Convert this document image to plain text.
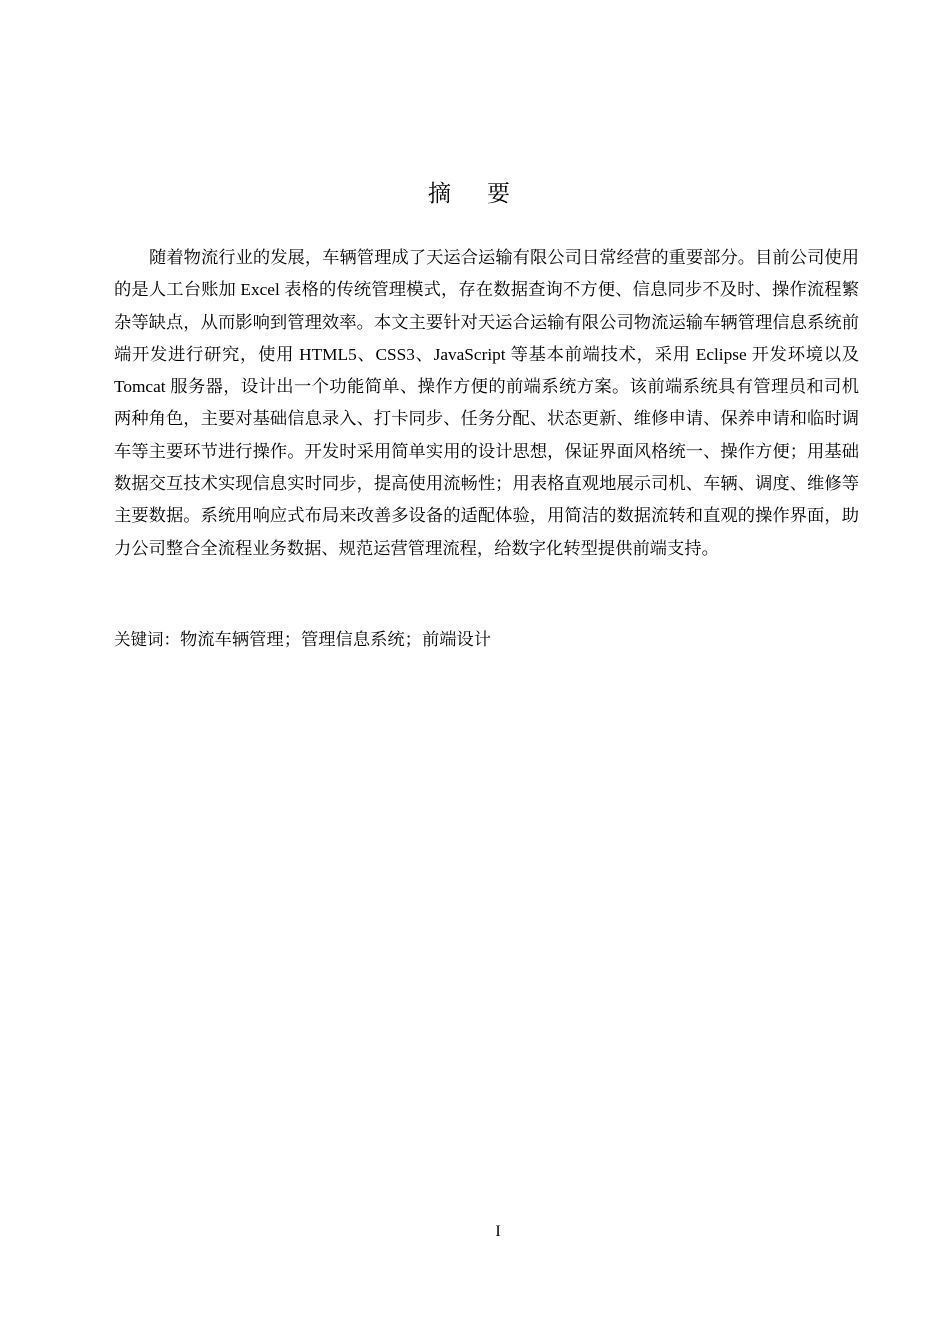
摘要

随着物流行业的发展，车辆管理成了天运合运输有限公司日常经营的重要部分。目前公司使用的是人工台账加 Excel 表格的传统管理模式，存在数据查询不方便、信息同步不及时、操作流程繁杂等缺点，从而影响到管理效率。本文主要针对天运合运输有限公司物流运输车辆管理信息系统前端开发进行研究，使用 HTML5、CSS3、JavaScript 等基本前端技术，采用 Eclipse 开发环境以及 Tomcat 服务器，设计出一个功能简单、操作方便的前端系统方案。该前端系统具有管理员和司机两种角色，主要对基础信息录入、打卡同步、任务分配、状态更新、维修申请、保养申请和临时调车等主要环节进行操作。开发时采用简单实用的设计思想，保证界面风格统一、操作方便；用基础数据交互技术实现信息实时同步，提高使用流畅性；用表格直观地展示司机、车辆、调度、维修等主要数据。系统用响应式布局来改善多设备的适配体验，用简洁的数据流转和直观的操作界面，助力公司整合全流程业务数据、规范运营管理流程，给数字化转型提供前端支持。

关键词：物流车辆管理；管理信息系统；前端设计

I
